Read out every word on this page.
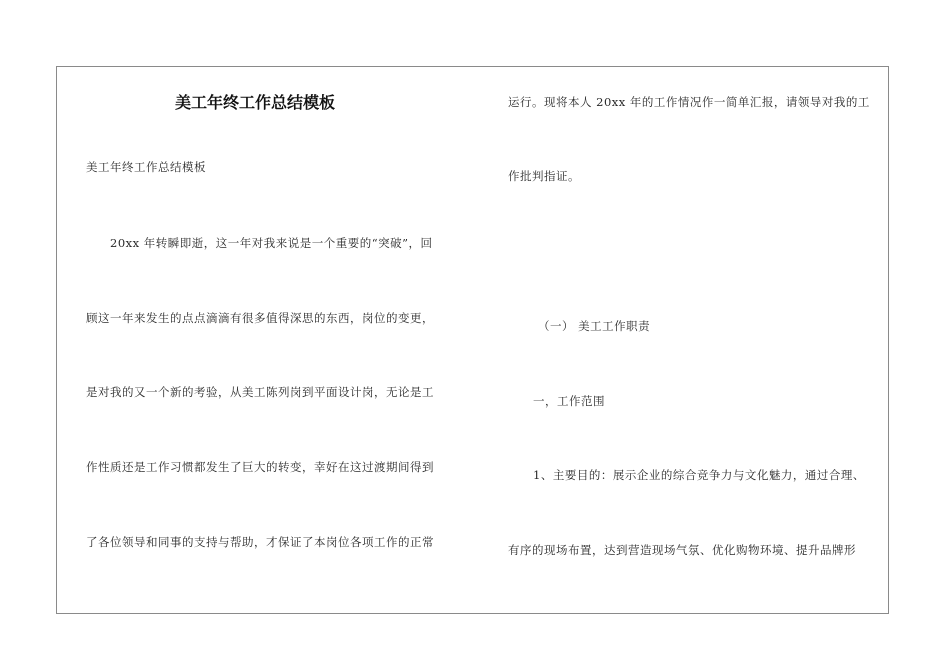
美工年终工作总结模板
美工年终工作总结模板
20xx 年转瞬即逝，这一年对我来说是一个重要的“突破”，回
顾这一年来发生的点点滴滴有很多值得深思的东西，岗位的变更，
是对我的又一个新的考验，从美工陈列岗到平面设计岗，无论是工
作性质还是工作习惯都发生了巨大的转变，幸好在这过渡期间得到
了各位领导和同事的支持与帮助，才保证了本岗位各项工作的正常
运行。现将本人 20xx 年的工作情况作一简单汇报，请领导对我的工
作批判指证。
（一） 美工工作职责
一，工作范围
1、主要目的：展示企业的综合竞争力与文化魅力，通过合理、
有序的现场布置，达到营造现场气氛、优化购物环境、提升品牌形
